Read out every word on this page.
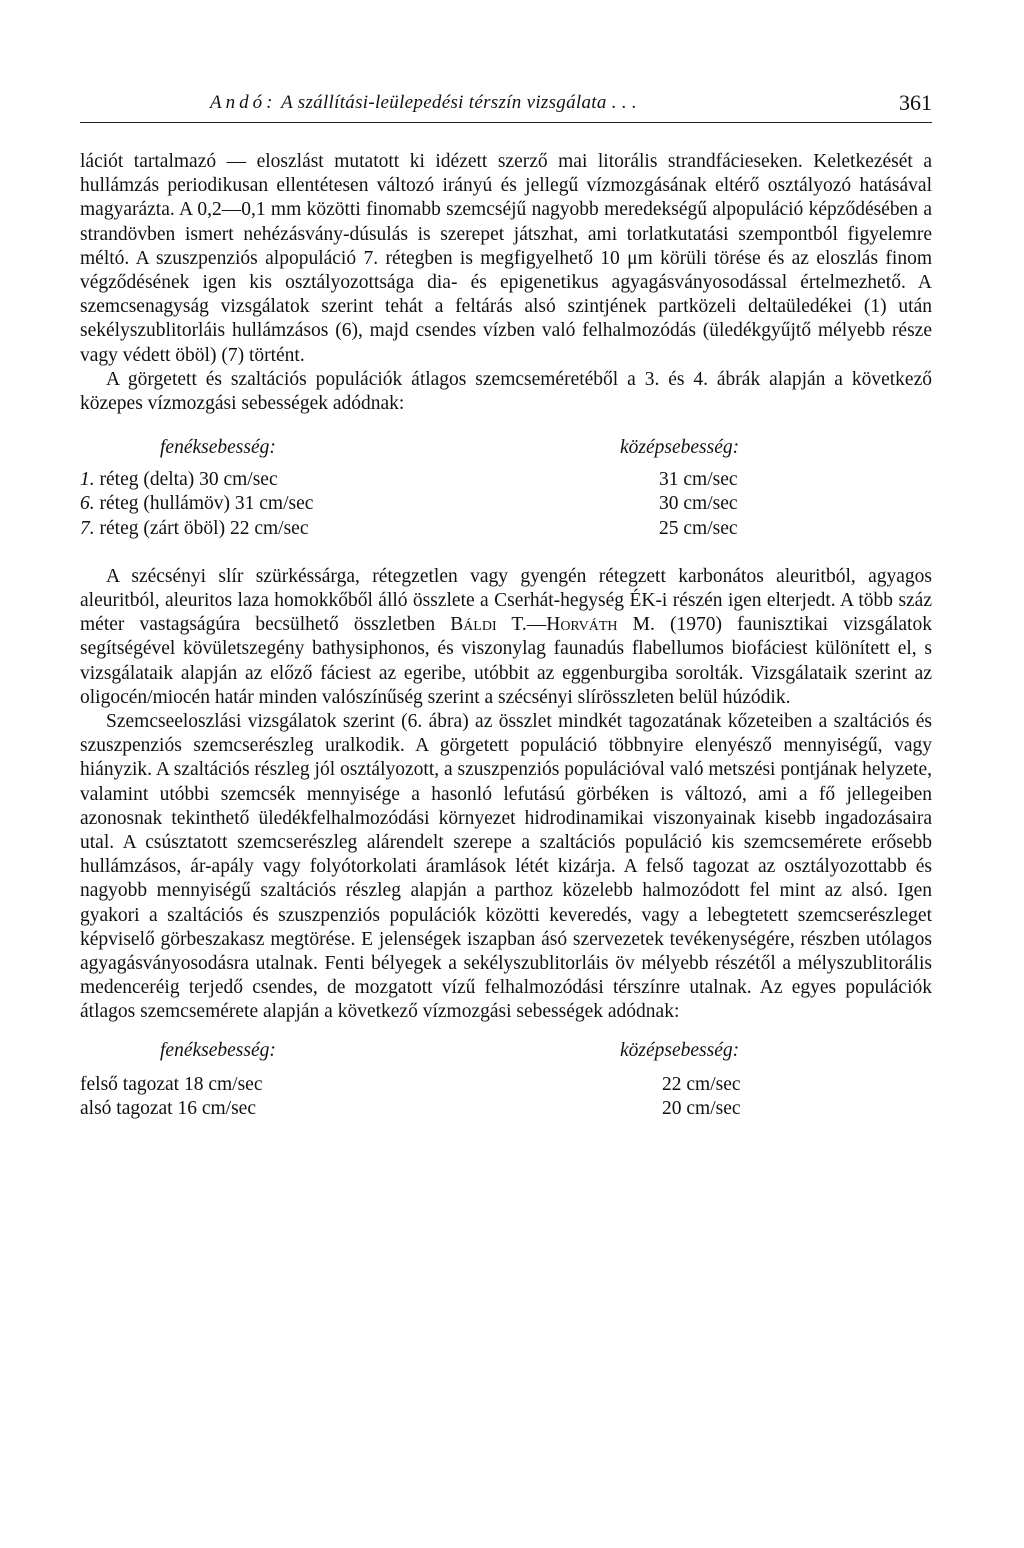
Andó: A szállítási-leülepedési térszín vizsgálata . . .	361

lációt tartalmazó — eloszlást mutatott ki idézett szerző mai litorális strandfácieseken. Keletkezését a hullámzás periodikusan ellentétesen változó irányú és jellegű vízmozgásának eltérő osztályozó hatásával magyarázta. A 0,2—0,1 mm közötti finomabb szemcséjű nagyobb meredekségű alpopuláció képződésében a strandövben ismert nehézásvány-dúsulás is szerepet játszhat, ami torlatkutatási szempontból figyelemre méltó. A szuszpenziós alpopuláció 7. rétegben is megfigyelhető 10 μm körüli törése és az eloszlás finom végződésének igen kis osztályozottsága dia- és epigenetikus agyagásványosodással értelmezhető. A szemcsenagyság vizsgálatok szerint tehát a feltárás alsó szintjének partközeli deltaüledékei (1) után sekélyszublitorláis hullámzásos (6), majd csendes vízben való felhalmozódás (üledékgyűjtő mélyebb része vagy védett öböl) (7) történt.

A görgetett és szaltációs populációk átlagos szemcseméretéből a 3. és 4. ábrák alapján a következő közepes vízmozgási sebességek adódnak:

fenéksebesség:	középsebesség:
1. réteg (delta) 30 cm/sec	31 cm/sec
6. réteg (hullámöv) 31 cm/sec	30 cm/sec
7. réteg (zárt öböl) 22 cm/sec	25 cm/sec

A szécsényi slír szürkéssárga, rétegzetlen vagy gyengén rétegzett karbonátos aleuritból, agyagos aleuritból, aleuritos laza homokkőből álló összlete a Cserhát-hegység ÉK-i részén igen elterjedt. A több száz méter vastagságúra becsülhető összletben Báldi T.—Horváth M. (1970) faunisztikai vizsgálatok segítségével kövületszegény bathysiphonos, és viszonylag faunadús flabellumos biofáciest különített el, s vizsgálataik alapján az előző fáciest az egeribe, utóbbit az eggenburgiba sorolták. Vizsgálataik szerint az oligocén/miocén határ minden valószínűség szerint a szécsényi slírösszleten belül húzódik.

Szemcseeloszlási vizsgálatok szerint (6. ábra) az összlet mindkét tagozatának kőzeteiben a szaltációs és szuszpenziós szemcserészleg uralkodik. A görgetett populáció többnyire elenyésző mennyiségű, vagy hiányzik. A szaltációs részleg jól osztályozott, a szuszpenziós populációval való metszési pontjának helyzete, valamint utóbbi szemcsék mennyisége a hasonló lefutású görbéken is változó, ami a fő jellegeiben azonosnak tekinthető üledékfelhalmozódási környezet hidrodinamikai viszonyainak kisebb ingadozásaira utal. A csúsztatott szemcserészleg alárendelt szerepe a szaltációs populáció kis szemcsemérete erősebb hullámzásos, ár-apály vagy folyótorkolati áramlások létét kizárja. A felső tagozat az osztályozottabb és nagyobb mennyiségű szaltációs részleg alapján a parthoz közelebb halmozódott fel mint az alsó. Igen gyakori a szaltációs és szuszpenziós populációk közötti keveredés, vagy a lebegtetett szemcserészleget képviselő görbeszakasz megtörése. E jelenségek iszapban ásó szervezetek tevékenységére, részben utólagos agyagásványosodásra utalnak. Fenti bélyegek a sekélyszublitorláis öv mélyebb részétől a mélyszublitorális medenceréig terjedő csendes, de mozgatott vízű felhalmozódási térszínre utalnak. Az egyes populációk átlagos szemcsemérete alapján a következő vízmozgási sebességek adódnak:

fenéksebesség:	középsebesség:
felső tagozat 18 cm/sec	22 cm/sec
alsó tagozat 16 cm/sec	20 cm/sec
